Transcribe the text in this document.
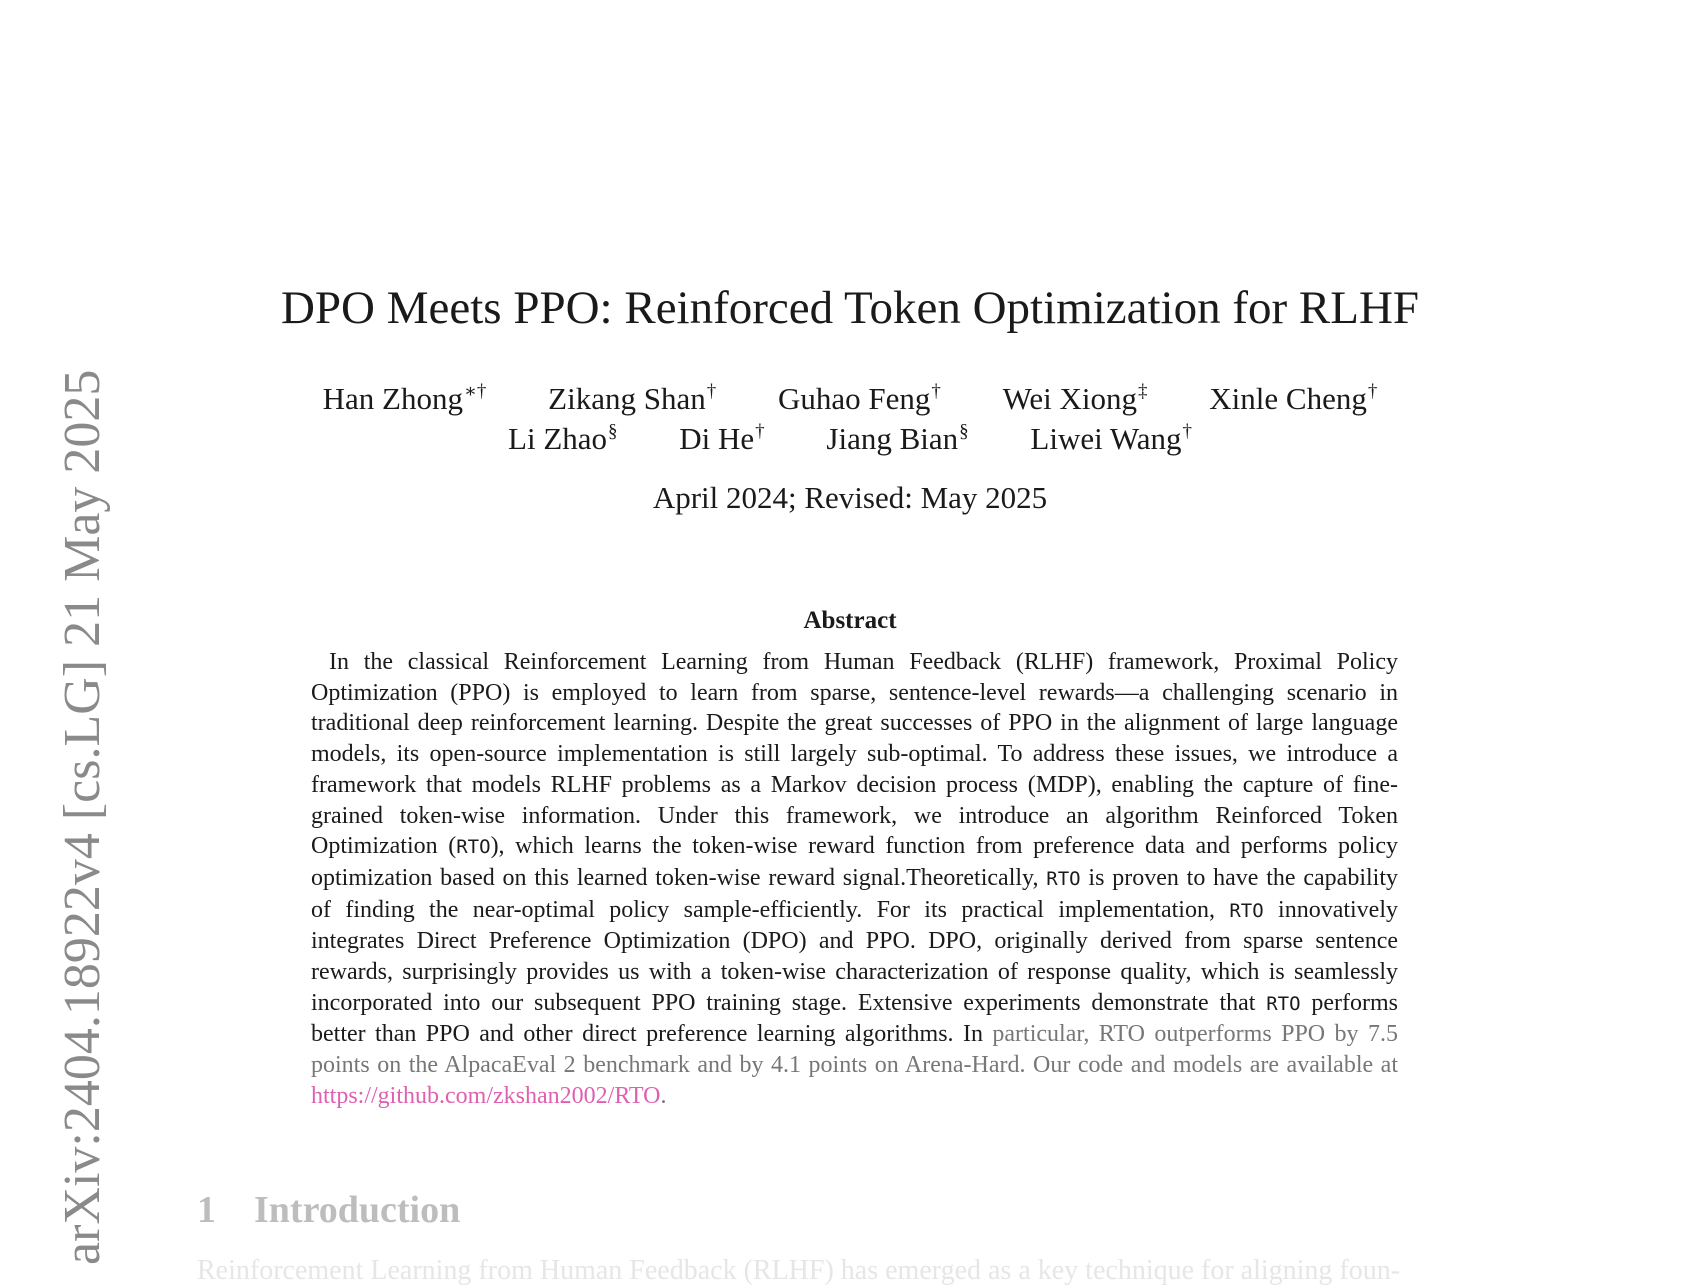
arXiv:2404.18922v4 [cs.LG] 21 May 2025
DPO Meets PPO: Reinforced Token Optimization for RLHF
Han Zhong∗† Zikang Shan† Guhao Feng† Wei Xiong‡ Xinle Cheng†
Li Zhao§ Di He† Jiang Bian§ Liwei Wang†
April 2024; Revised: May 2025
Abstract

In the classical Reinforcement Learning from Human Feedback (RLHF) framework, Proximal Policy Optimization (PPO) is employed to learn from sparse, sentence-level rewards—a challenging scenario in traditional deep reinforcement learning. Despite the great successes of PPO in the alignment of large language models, its open-source implementation is still largely sub-optimal. To address these issues, we introduce a framework that models RLHF problems as a Markov decision process (MDP), enabling the capture of fine-grained token-wise information. Under this framework, we introduce an algorithm Reinforced Token Optimization (RTO), which learns the token-wise reward function from preference data and performs policy optimization based on this learned token-wise reward signal.Theoretically, RTO is proven to have the capability of finding the near-optimal policy sample-efficiently. For its practical implementation, RTO innovatively integrates Direct Preference Optimization (DPO) and PPO. DPO, originally derived from sparse sentence rewards, surprisingly provides us with a token-wise characterization of response quality, which is seamlessly incorporated into our subsequent PPO training stage. Extensive experiments demonstrate that RTO performs better than PPO and other direct preference learning algorithms. In particular, RTO outperforms PPO by 7.5 points on the AlpacaEval 2 benchmark and by 4.1 points on Arena-Hard. Our code and models are available at https://github.com/zkshan2002/RTO.

1 Introduction
Reinforcement Learning from Human Feedback (RLHF) has emerged as a key technique for aligning foun-
